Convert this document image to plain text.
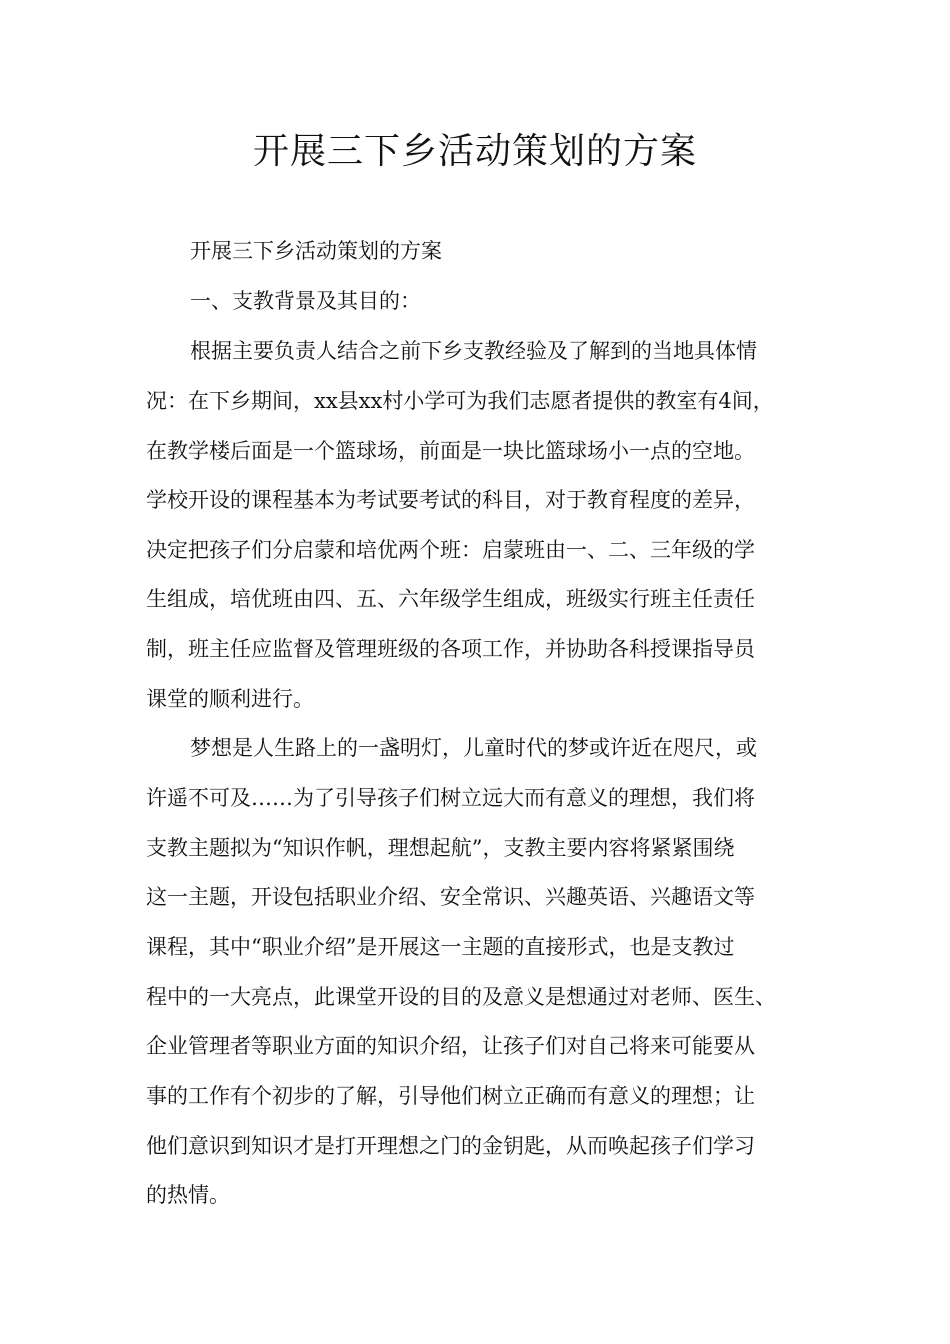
开展三下乡活动策划的方案

开展三下乡活动策划的方案

一、支教背景及其目的：

根据主要负责人结合之前下乡支教经验及了解到的当地具体情

况：在下乡期间，xx县xx村小学可为我们志愿者提供的教室有4间，

在教学楼后面是一个篮球场，前面是一块比篮球场小一点的空地。

学校开设的课程基本为考试要考试的科目，对于教育程度的差异，

决定把孩子们分启蒙和培优两个班：启蒙班由一、二、三年级的学

生组成，培优班由四、五、六年级学生组成，班级实行班主任责任

制，班主任应监督及管理班级的各项工作，并协助各科授课指导员

课堂的顺利进行。

梦想是人生路上的一盏明灯，儿童时代的梦或许近在咫尺，或

许遥不可及……为了引导孩子们树立远大而有意义的理想，我们将

支教主题拟为“知识作帆，理想起航”，支教主要内容将紧紧围绕

这一主题，开设包括职业介绍、安全常识、兴趣英语、兴趣语文等

课程，其中“职业介绍”是开展这一主题的直接形式，也是支教过

程中的一大亮点，此课堂开设的目的及意义是想通过对老师、医生、

企业管理者等职业方面的知识介绍，让孩子们对自己将来可能要从

事的工作有个初步的了解，引导他们树立正确而有意义的理想；让

他们意识到知识才是打开理想之门的金钥匙，从而唤起孩子们学习

的热情。
